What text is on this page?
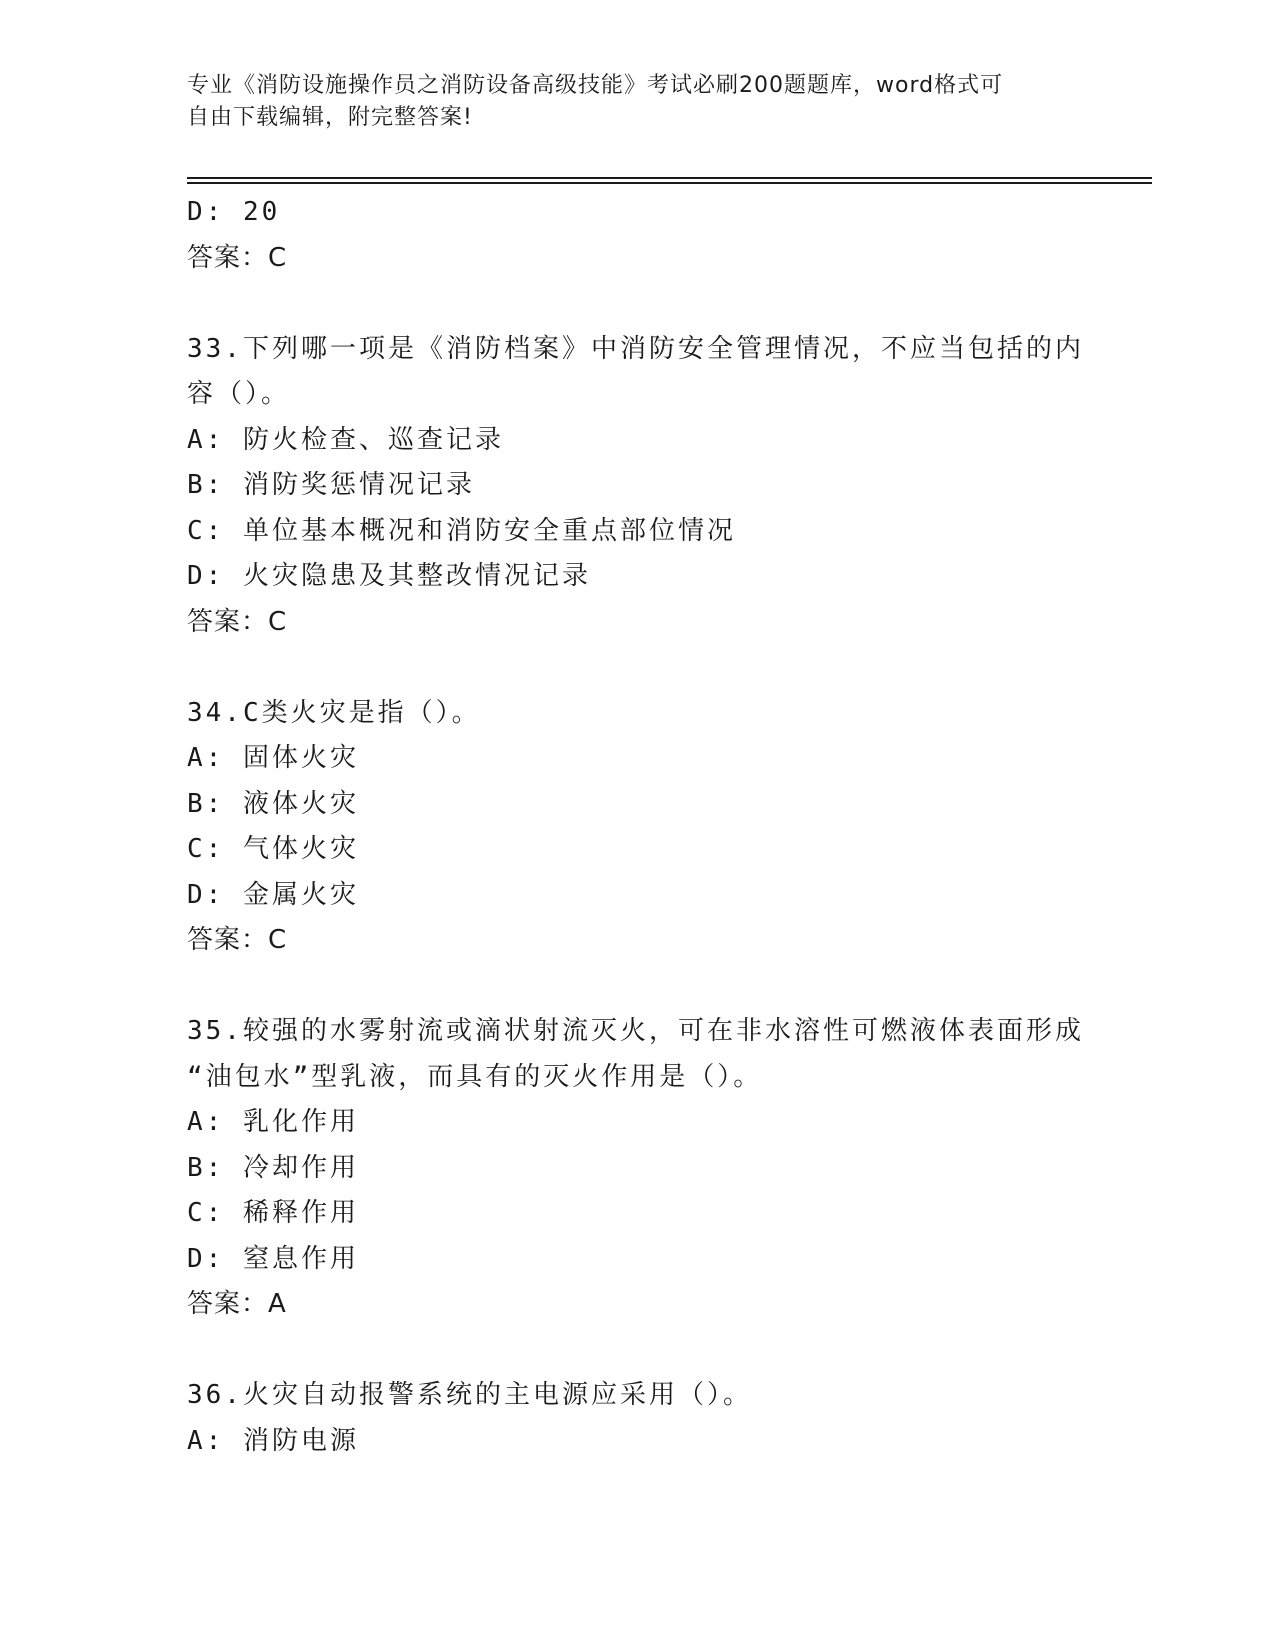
专业《消防设施操作员之消防设备高级技能》考试必刷200题题库，word格式可
自由下载编辑，附完整答案!
D: 20
答案：C
33.下列哪一项是《消防档案》中消防安全管理情况，不应当包括的内
容（）。
A: 防火检查、巡查记录
B: 消防奖惩情况记录
C: 单位基本概况和消防安全重点部位情况
D: 火灾隐患及其整改情况记录
答案：C
34.C类火灾是指（）。
A: 固体火灾
B: 液体火灾
C: 气体火灾
D: 金属火灾
答案：C
35.较强的水雾射流或滴状射流灭火，可在非水溶性可燃液体表面形成
“油包水”型乳液，而具有的灭火作用是（）。
A: 乳化作用
B: 冷却作用
C: 稀释作用
D: 窒息作用
答案：A
36.火灾自动报警系统的主电源应采用（）。
A: 消防电源
